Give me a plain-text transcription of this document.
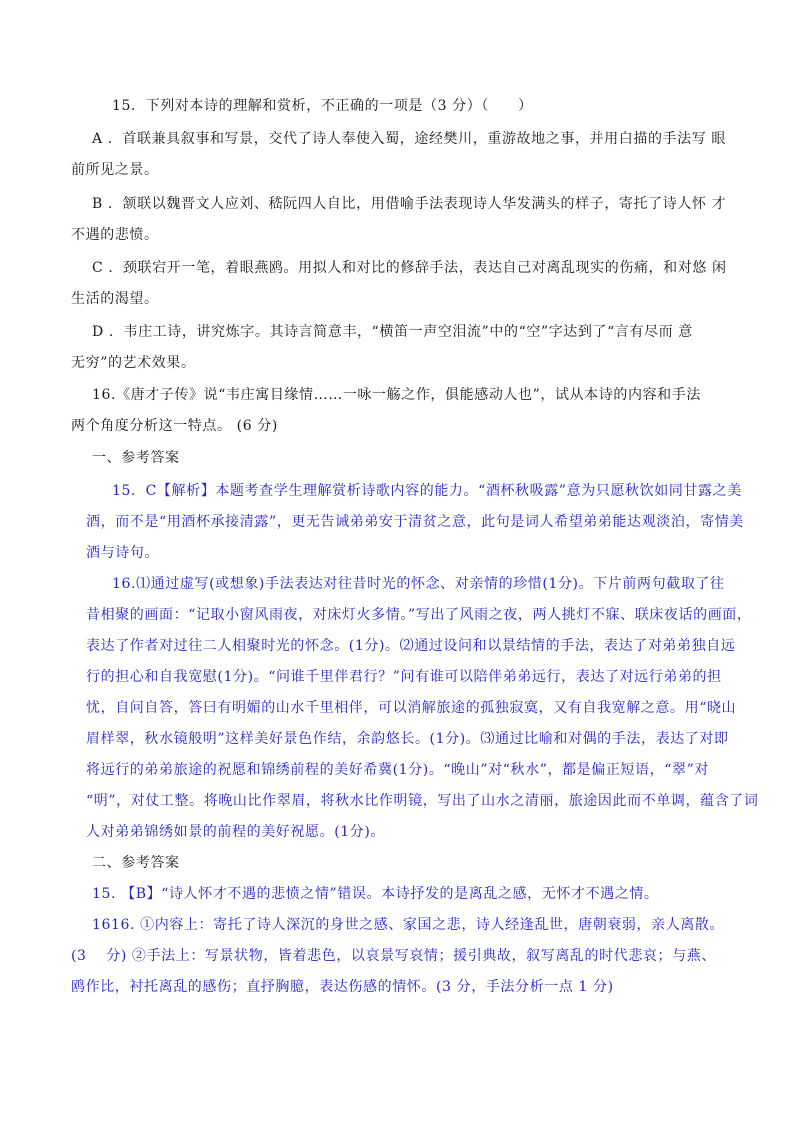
15．下列对本诗的理解和赏析，不正确的一项是（3 分）（　　）

A ．首联兼具叙事和写景，交代了诗人奉使入蜀，途经樊川，重游故地之事，并用白描的手法写 眼

前所见之景。

B ．颔联以魏晋文人应刘、嵇阮四人自比，用借喻手法表现诗人华发满头的样子，寄托了诗人怀 才

不遇的悲愤。

C ．颈联宕开一笔，着眼燕鸥。用拟人和对比的修辞手法，表达自己对离乱现实的伤痛，和对悠 闲

生活的渴望。

D ．韦庄工诗，讲究炼字。其诗言简意丰，“横笛一声空泪流”中的“空”字达到了“言有尽而 意

无穷”的艺术效果。

16.《唐才子传》说“韦庄寓目缘情……一咏一觞之作，俱能感动人也”，试从本诗的内容和手法

两个角度分析这一特点。 (6 分)

一、参考答案

15．C【解析】本题考查学生理解赏析诗歌内容的能力。“酒杯秋吸露”意为只愿秋饮如同甘露之美

酒，而不是“用酒杯承接清露”，更无告诫弟弟安于清贫之意，此句是词人希望弟弟能达观淡泊，寄情美

酒与诗句。

16.⑴通过虚写(或想象)手法表达对往昔时光的怀念、对亲情的珍惜(1分)。下片前两句截取了往

昔相聚的画面：“记取小窗风雨夜，对床灯火多情。”写出了风雨之夜，两人挑灯不寐、联床夜话的画面，

表达了作者对过往二人相聚时光的怀念。(1分)。⑵通过设问和以景结情的手法，表达了对弟弟独自远

行的担心和自我宽慰(1分)。“问谁千里伴君行？”问有谁可以陪伴弟弟远行，表达了对远行弟弟的担

忧，自问自答，答曰有明媚的山水千里相伴，可以消解旅途的孤独寂寞，又有自我宽解之意。用“晓山

眉样翠，秋水镜般明”这样美好景色作结，余韵悠长。(1分)。⑶通过比喻和对偶的手法，表达了对即

将远行的弟弟旅途的祝愿和锦绣前程的美好希冀(1分)。“晚山”对“秋水”，都是偏正短语，“翠”对

“明”，对仗工整。将晚山比作翠眉，将秋水比作明镜，写出了山水之清丽，旅途因此而不单调，蕴含了词

人对弟弟锦绣如景的前程的美好祝愿。(1分)。

二、参考答案

15. 【B】“诗人怀才不遇的悲愤之情”错误。本诗抒发的是离乱之感，无怀才不遇之情。

1616. ①内容上：寄托了诗人深沉的身世之感、家国之悲，诗人经逢乱世，唐朝衰弱，亲人离散。

(3　 分) ②手法上：写景状物，皆着悲色，以哀景写哀情；援引典故，叙写离乱的时代悲哀；与燕、

鸥作比，衬托离乱的感伤；直抒胸臆，表达伤感的情怀。(3 分，手法分析一点 1 分)
